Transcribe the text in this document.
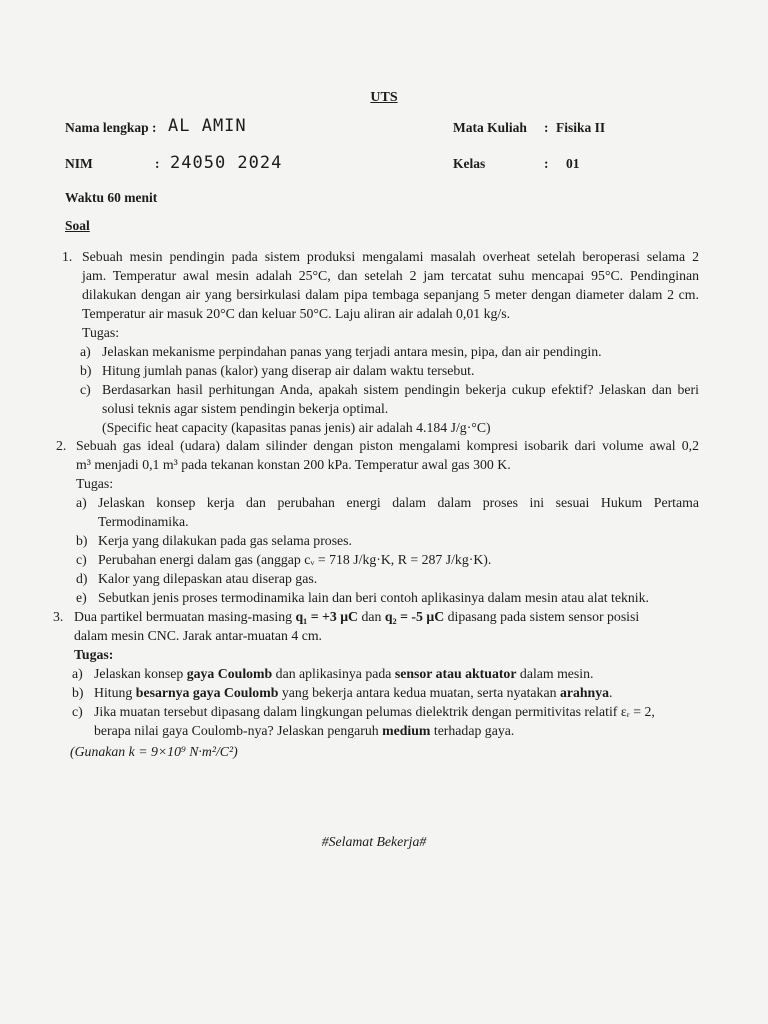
UTS
Nama lengkap : AL AMIN
NIM	: 24050 2024
Mata Kuliah : Fisika II
Kelas	: 01
Waktu 60 menit
Soal
1. Sebuah mesin pendingin pada sistem produksi mengalami masalah overheat setelah beroperasi selama 2
jam. Temperatur awal mesin adalah 25°C, dan setelah 2 jam tercatat suhu mencapai 95°C. Pendinginan
dilakukan dengan air yang bersirkulasi dalam pipa tembaga sepanjang 5 meter dengan diameter dalam 2 cm.
Temperatur air masuk 20°C dan keluar 50°C. Laju aliran air adalah 0,01 kg/s.
Tugas:
a) Jelaskan mekanisme perpindahan panas yang terjadi antara mesin, pipa, dan air pendingin.
b) Hitung jumlah panas (kalor) yang diserap air dalam waktu tersebut.
c) Berdasarkan hasil perhitungan Anda, apakah sistem pendingin bekerja cukup efektif? Jelaskan dan beri
solusi teknis agar sistem pendingin bekerja optimal.
(Specific heat capacity (kapasitas panas jenis) air adalah 4.184 J/g·°C)
2. Sebuah gas ideal (udara) dalam silinder dengan piston mengalami kompresi isobarik dari volume awal 0,2
m³ menjadi 0,1 m³ pada tekanan konstan 200 kPa. Temperatur awal gas 300 K.
Tugas:
a) Jelaskan konsep kerja dan perubahan energi dalam dalam proses ini sesuai Hukum Pertama
Termodinamika.
b) Kerja yang dilakukan pada gas selama proses.
c) Perubahan energi dalam gas (anggap cᵥ = 718 J/kg·K, R = 287 J/kg·K).
d) Kalor yang dilepaskan atau diserap gas.
e) Sebutkan jenis proses termodinamika lain dan beri contoh aplikasinya dalam mesin atau alat teknik.
3. Dua partikel bermuatan masing-masing q₁ = +3 μC dan q₂ = -5 μC dipasang pada sistem sensor posisi
dalam mesin CNC. Jarak antar-muatan 4 cm.
Tugas:
a) Jelaskan konsep gaya Coulomb dan aplikasinya pada sensor atau aktuator dalam mesin.
b) Hitung besarnya gaya Coulomb yang bekerja antara kedua muatan, serta nyatakan arahnya.
c) Jika muatan tersebut dipasang dalam lingkungan pelumas dielektrik dengan permitivitas relatif εᵣ = 2,
berapa nilai gaya Coulomb-nya? Jelaskan pengaruh medium terhadap gaya.
(Gunakan k = 9×10⁹ N·m²/C²)
#Selamat Bekerja#
